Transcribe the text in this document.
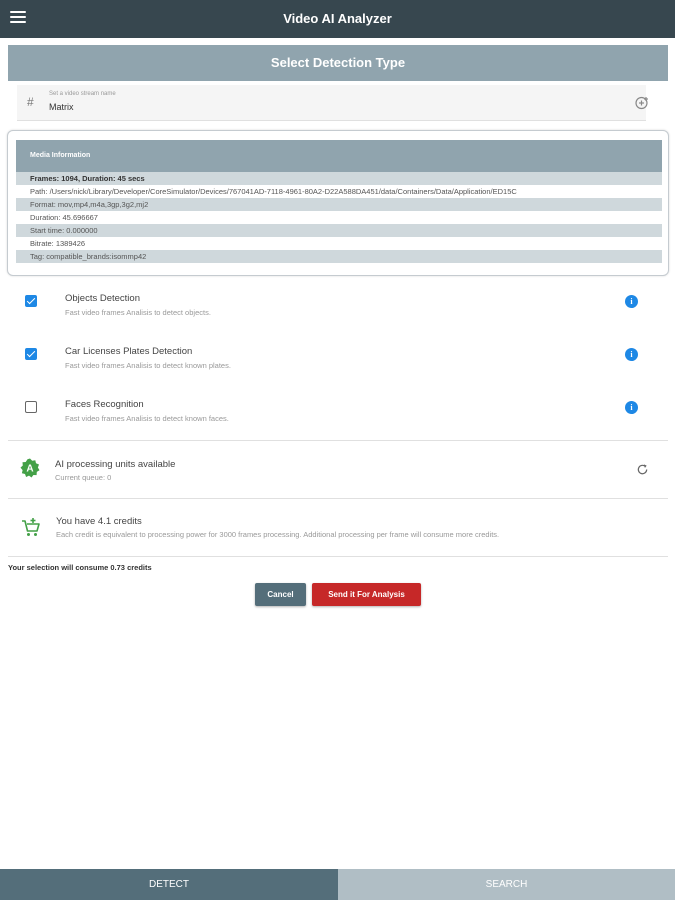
Video AI Analyzer
Select Detection Type
#
Set a video stream name
Matrix
Media Information
Frames: 1094, Duration: 45 secs
Path: /Users/nick/Library/Developer/CoreSimulator/Devices/767041AD-7118-4961-80A2-D22A588DA451/data/Containers/Data/Application/ED15C
Format: mov,mp4,m4a,3gp,3g2,mj2
Duration: 45.696667
Start time: 0.000000
Bitrate: 1389426
Tag: compatible_brands:isommp42
Objects Detection
Fast video frames Analisis to detect objects.
i
Car Licenses Plates Detection
Fast video frames Analisis to detect known plates.
i
Faces Recognition
Fast video frames Analisis to detect known faces.
i
A AI processing units available
Current queue: 0
You have 4.1 credits
Each credit is equivalent to processing power for 3000 frames processing. Additional processing per frame will consume more credits.
Your selection will consume 0.73 credits
Cancel	Send it For Analysis
DETECT	SEARCH
